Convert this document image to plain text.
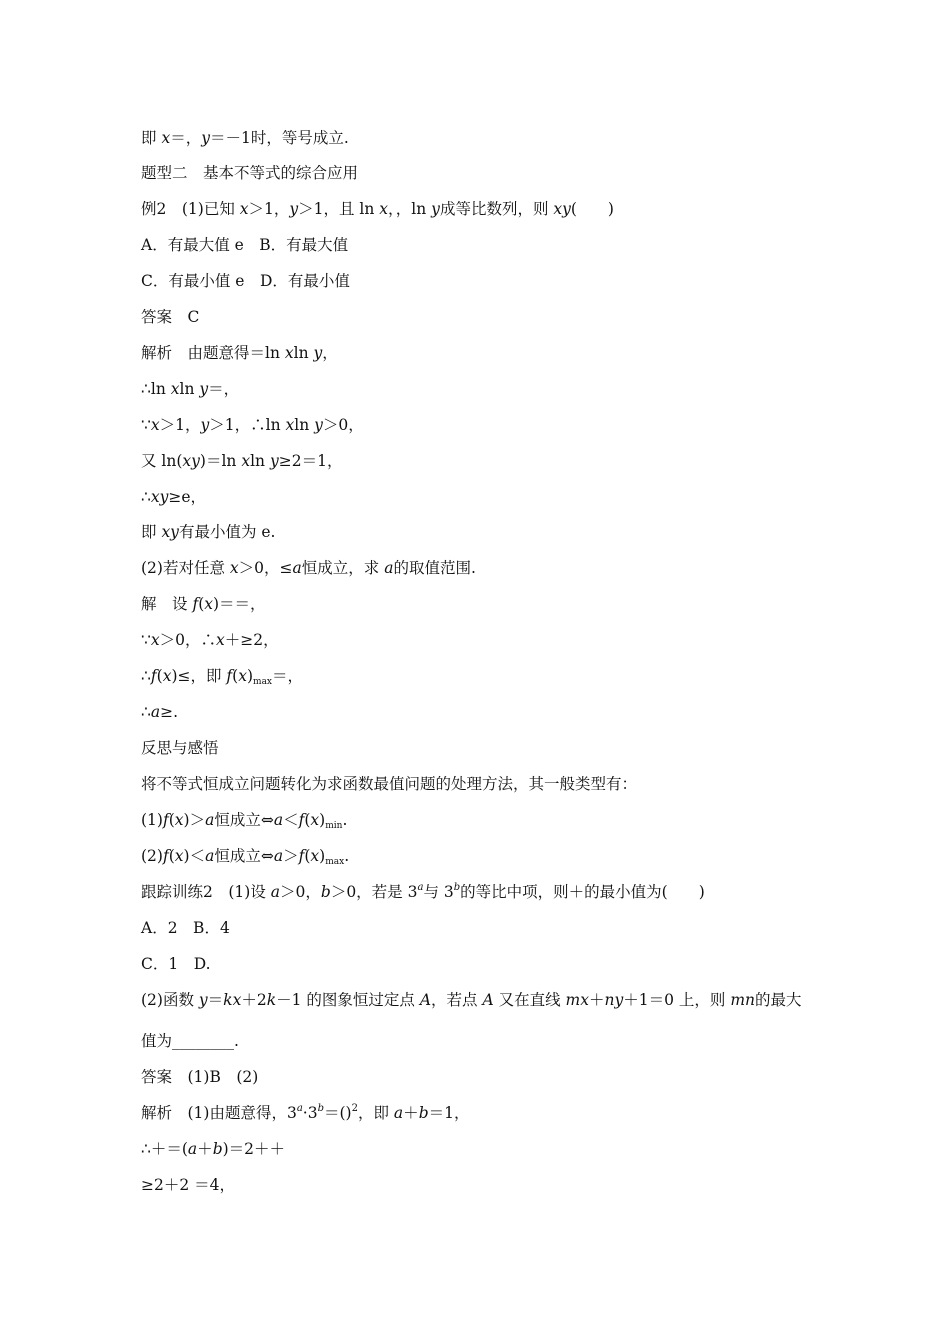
即 x＝，y＝－1时，等号成立.
题型二　基本不等式的综合应用
例2　(1)已知 x＞1，y＞1，且 ln x，，ln y成等比数列，则 xy(　　)
A．有最大值 e　B．有最大值
C．有最小值 e　D．有最小值
答案　C
解析　由题意得＝ln xln y，
∴ln xln y＝，
∵x＞1，y＞1，∴ln xln y＞0，
又 ln(xy)＝ln xln y≥2＝1，
∴xy≥e，
即 xy有最小值为 e.
(2)若对任意 x＞0，≤a恒成立，求 a的取值范围.
解　设 f(x)＝＝，
∵x＞0，∴x＋≥2，
∴f(x)≤，即 f(x)max＝，
∴a≥.
反思与感悟
将不等式恒成立问题转化为求函数最值问题的处理方法，其一般类型有：
(1)f(x)＞a恒成立⇔a＜f(x)min.
(2)f(x)＜a恒成立⇔a＞f(x)max.
跟踪训练2　(1)设 a＞0，b＞0，若是 3$^a$与 3$^b$的等比中项，则＋的最小值为(　　)
A．2　B．4
C．1　D.
(2)函数 y＝kx＋2k－1 的图象恒过定点 A，若点 A 又在直线 mx＋ny＋1＝0 上，则 mn的最大
值为________.
答案　(1)B　(2)
解析　(1)由题意得，$3^a\cdot 3^b=()^2$，即 a＋b＝1，
∴＋＝(a＋b)＝2＋＋
≥2＋2 ＝4，
